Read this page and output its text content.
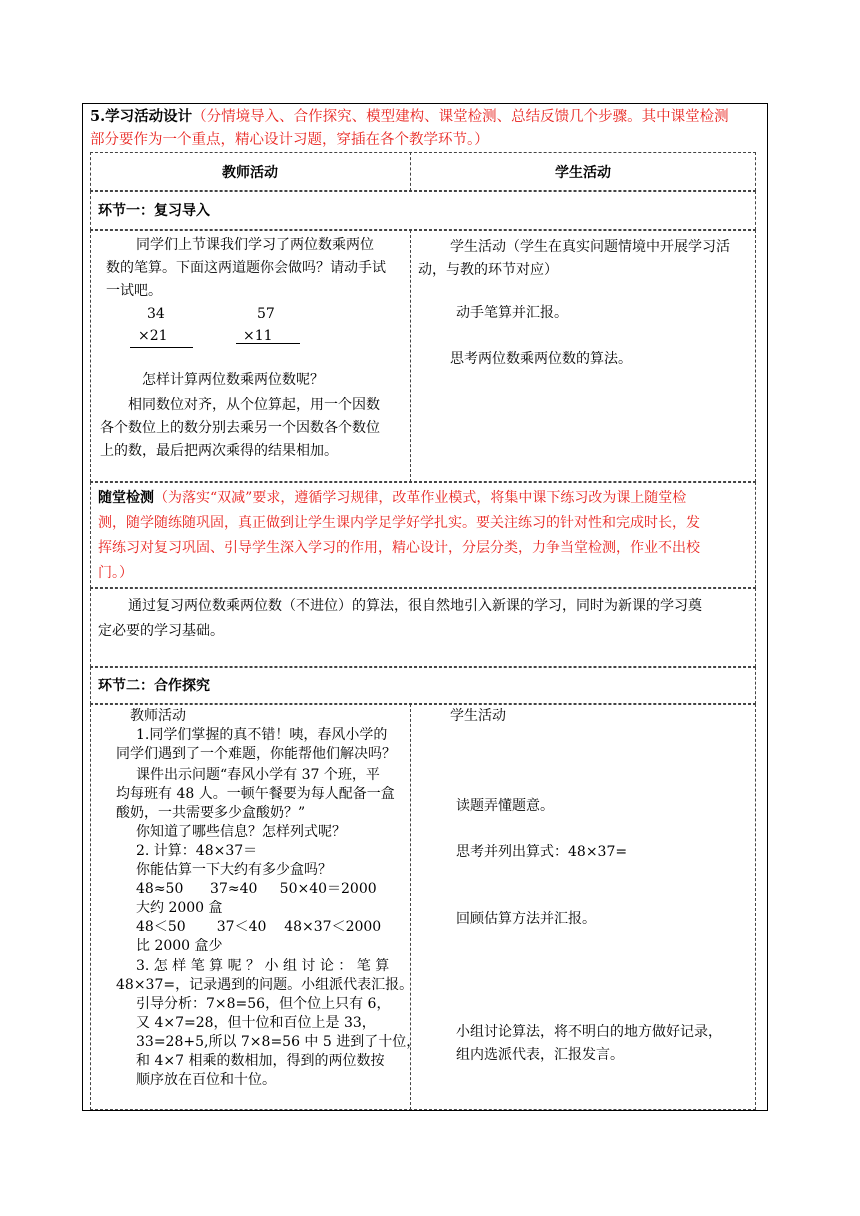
5.学习活动设计（分情境导入、合作探究、模型建构、课堂检测、总结反馈几个步骤。其中课堂检测
部分要作为一个重点，精心设计习题，穿插在各个教学环节。）
教师活动	学生活动
环节一：复习导入
同学们上节课我们学习了两位数乘两位
数的笔算。下面这两道题你会做吗？请动手试
一试吧。
34
×21
57
×11
怎样计算两位数乘两位数呢？
相同数位对齐，从个位算起，用一个因数
各个数位上的数分别去乘另一个因数各个数位
上的数，最后把两次乘得的结果相加。
学生活动（学生在真实问题情境中开展学习活
动，与教的环节对应）
动手笔算并汇报。
思考两位数乘两位数的算法。
随堂检测（为落实“双减”要求，遵循学习规律，改革作业模式，将集中课下练习改为课上随堂检
测，随学随练随巩固，真正做到让学生课内学足学好学扎实。要关注练习的针对性和完成时长，发
挥练习对复习巩固、引导学生深入学习的作用，精心设计，分层分类，力争当堂检测，作业不出校
门。）
通过复习两位数乘两位数（不进位）的算法，很自然地引入新课的学习，同时为新课的学习奠
定必要的学习基础。
环节二：合作探究
教师活动
1.同学们掌握的真不错！咦，春风小学的
同学们遇到了一个难题，你能帮他们解决吗？
课件出示问题“春风小学有 37 个班，平
均每班有 48 人。一顿午餐要为每人配备一盒
酸奶，一共需要多少盒酸奶？”
你知道了哪些信息？怎样列式呢？
2. 计算：48×37＝
你能估算一下大约有多少盒吗？
48≈50      37≈40     50×40＝2000
大约 2000 盒
48＜50       37＜40    48×37＜2000
比 2000 盒少
3. 怎 样 笔 算 呢 ？ 小 组 讨 论 ： 笔 算
48×37=，记录遇到的问题。小组派代表汇报。
引导分析：7×8=56，但个位上只有 6，
又 4×7=28，但十位和百位上是 33，
33=28+5,所以 7×8=56 中 5 进到了十位，
和 4×7 相乘的数相加，得到的两位数按
顺序放在百位和十位。
学生活动
读题弄懂题意。
思考并列出算式：48×37=
回顾估算方法并汇报。
小组讨论算法，将不明白的地方做好记录，
组内选派代表，汇报发言。
